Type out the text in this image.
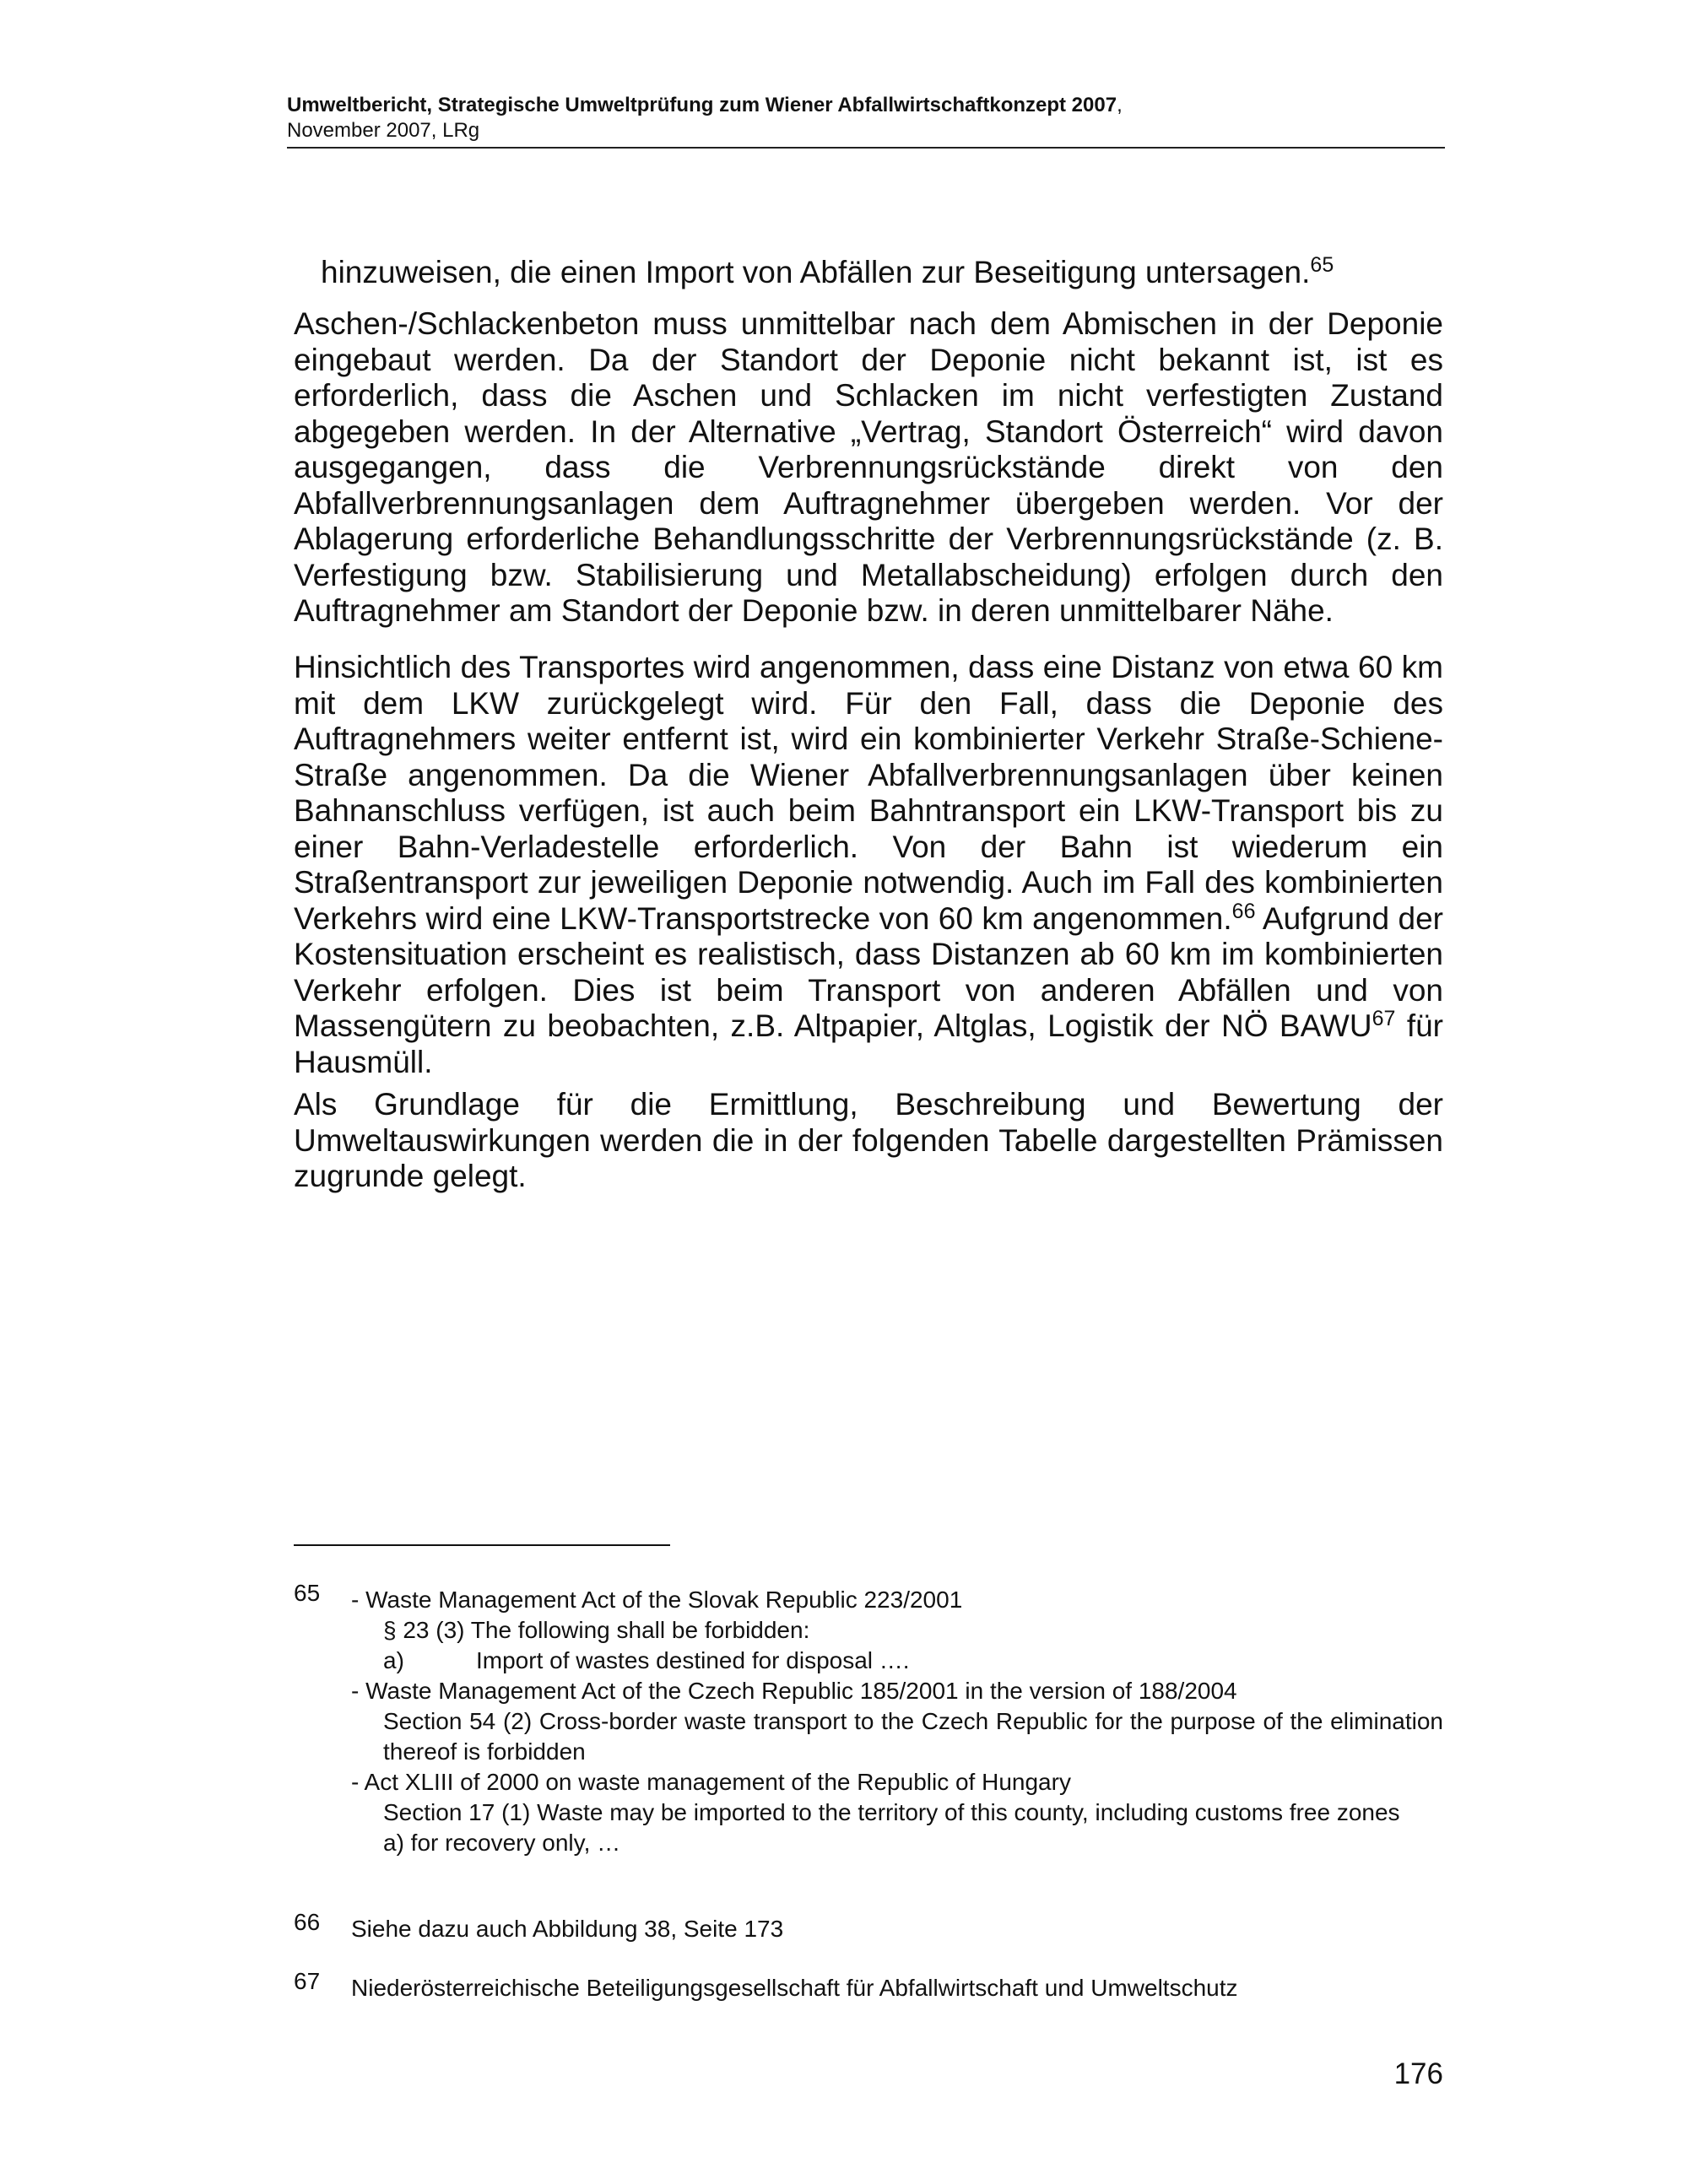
Umweltbericht, Strategische Umweltprüfung zum Wiener Abfallwirtschaftkonzept 2007,
November 2007, LRg
hinzuweisen, die einen Import von Abfällen zur Beseitigung untersagen.$^{65}$

Aschen-/Schlackenbeton muss unmittelbar nach dem Abmischen in der Deponie eingebaut werden. Da der Standort der Deponie nicht bekannt ist, ist es erforderlich, dass die Aschen und Schlacken im nicht verfestigten Zustand abgegeben werden. In der Alternative „Vertrag, Standort Österreich“ wird davon ausgegangen, dass die Verbrennungsrückstände direkt von den Abfallverbrennungsanlagen dem Auftragnehmer übergeben werden. Vor der Ablagerung erforderliche Behandlungsschritte der Verbrennungsrückstände (z. B. Verfestigung bzw. Stabilisierung und Metallabscheidung) erfolgen durch den Auftragnehmer am Standort der Deponie bzw. in deren unmittelbarer Nähe.

Hinsichtlich des Transportes wird angenommen, dass eine Distanz von etwa 60 km mit dem LKW zurückgelegt wird. Für den Fall, dass die Deponie des Auftragnehmers weiter entfernt ist, wird ein kombinierter Verkehr Straße-Schiene-Straße angenommen. Da die Wiener Abfallverbrennungsanlagen über keinen Bahnanschluss verfügen, ist auch beim Bahntransport ein LKW-Transport bis zu einer Bahn-Verladestelle erforderlich. Von der Bahn ist wiederum ein Straßentransport zur jeweiligen Deponie notwendig. Auch im Fall des kombinierten Verkehrs wird eine LKW-Transportstrecke von 60 km angenommen.$^{66}$ Aufgrund der Kostensituation erscheint es realistisch, dass Distanzen ab 60 km im kombinierten Verkehr erfolgen. Dies ist beim Transport von anderen Abfällen und von Massengütern zu beobachten, z.B. Altpapier, Altglas, Logistik der NÖ BAWU$^{67}$ für Hausmüll.

Als Grundlage für die Ermittlung, Beschreibung und Bewertung der Umweltauswirkungen werden die in der folgenden Tabelle dargestellten Prämissen zugrunde gelegt.

65 - Waste Management Act of the Slovak Republic 223/2001

§ 23 (3) The following shall be forbidden:

a)	Import of wastes destined for disposal ….

- Waste Management Act of the Czech Republic 185/2001 in the version of 188/2004

Section 54 (2) Cross-border waste transport to the Czech Republic for the purpose of the elimination thereof is forbidden

- Act XLIII of 2000 on waste management of the Republic of Hungary

Section 17 (1) Waste may be imported to the territory of this county, including customs free zones

a) for recovery only, …

66 Siehe dazu auch Abbildung 38, Seite 173
67 Niederösterreichische Beteiligungsgesellschaft für Abfallwirtschaft und Umweltschutz
176
